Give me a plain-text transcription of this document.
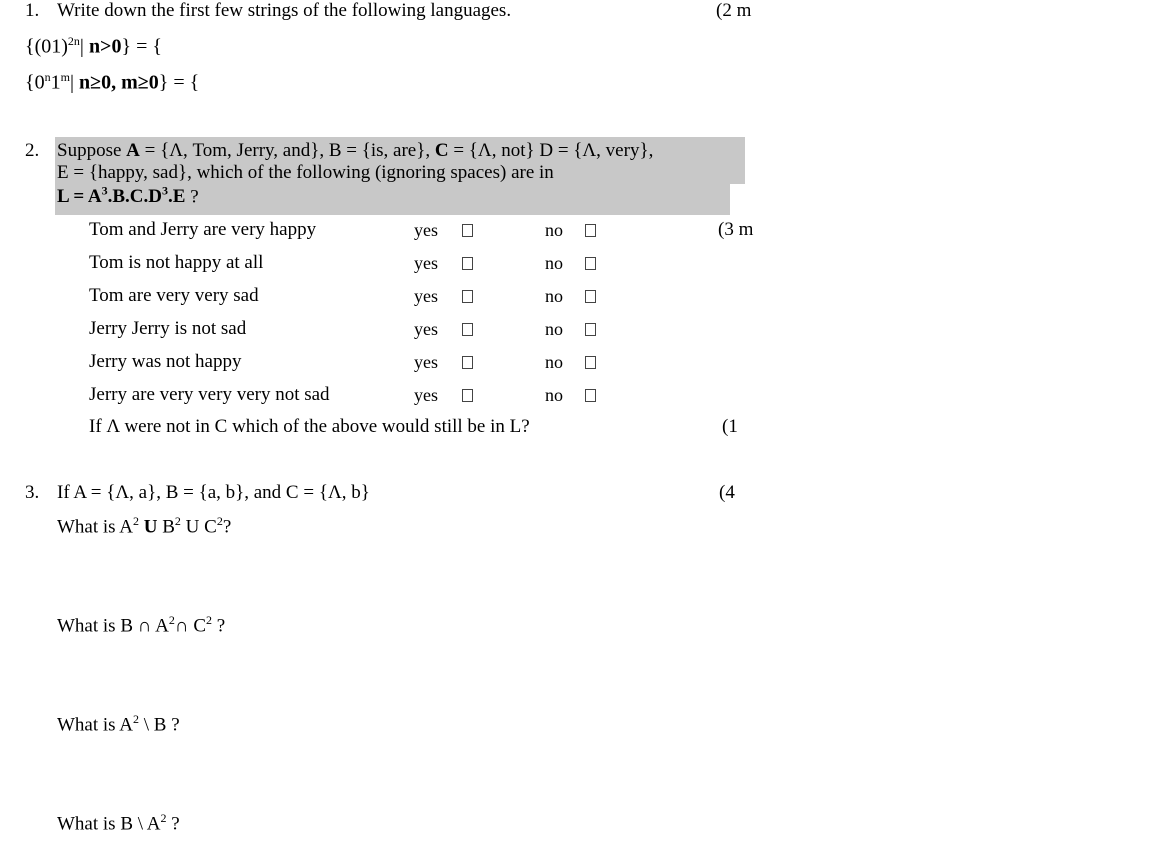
1. Write down the first few strings of the following languages.	(2 m
{$(01)^{2n}|$ n>0} = {
{0$^n$1$^m$| n≥0, m≥0} = {
2. Suppose A = {Λ, Tom, Jerry, and}, B = {is, are}, C = {Λ, not} D = {Λ, very},
E = {happy, sad}, which of the following (ignoring spaces) are in
$L = A^3.B.C.D^3.E$ ?
(3 m
Tom and Jerry are very happy	yes	no
Tom is not happy at all	yes	no
Tom are very very sad	yes	no
Jerry Jerry is not sad	yes	no
Jerry was not happy	yes	no
Jerry are very very very not sad	yes	no
If Λ were not in C which of the above would still be in L?	(1
3. If A = {Λ, a}, B = {a, b}, and C = {Λ, b}	(4
What is $A^2$ U $B^2$ U $C^2$?
What is B ∩ $A^2\cap$ $C^2$ ?
What is $A^2$ \ B ?
What is B \ $A^2$ ?
